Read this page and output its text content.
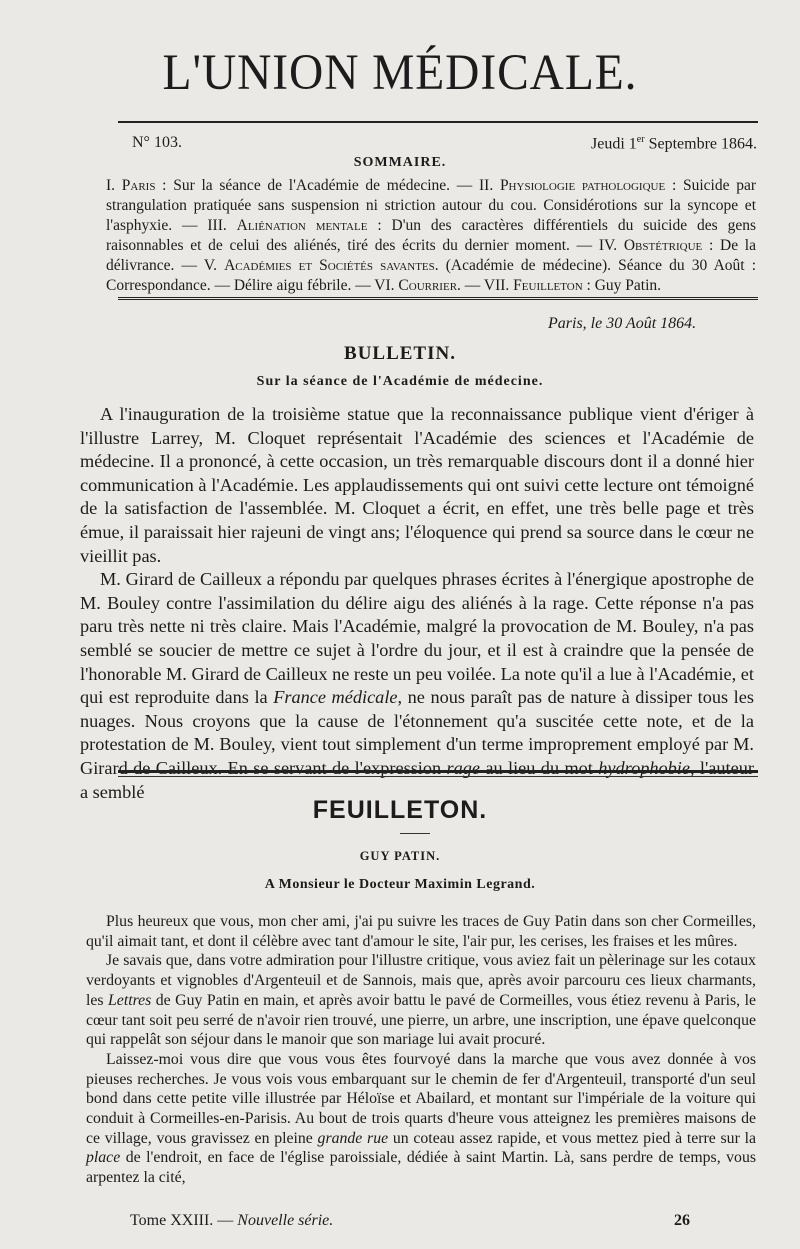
L'UNION MÉDICALE.
N° 103.	Jeudi 1er Septembre 1864.
SOMMAIRE.
I. Paris : Sur la séance de l'Académie de médecine. — II. Physiologie pathologique : Suicide par strangulation pratiquée sans suspension ni striction autour du cou. Considérotions sur la syncope et l'asphyxie. — III. Aliénation mentale : D'un des caractères différentiels du suicide des gens raisonnables et de celui des aliénés, tiré des écrits du dernier moment. — IV. Obstétrique : De la délivrance. — V. Académies et Sociétés savantes. (Académie de médecine). Séance du 30 Août : Correspondance. — Délire aigu fébrile. — VI. Courrier. — VII. Feuilleton : Guy Patin.
Paris, le 30 Août 1864.
BULLETIN.
Sur la séance de l'Académie de médecine.

A l'inauguration de la troisième statue que la reconnaissance publique vient d'ériger à l'illustre Larrey, M. Cloquet représentait l'Académie des sciences et l'Académie de médecine. Il a prononcé, à cette occasion, un très remarquable discours dont il a donné hier communication à l'Académie. Les applaudissements qui ont suivi cette lecture ont témoigné de la satisfaction de l'assemblée. M. Cloquet a écrit, en effet, une très belle page et très émue, il paraissait hier rajeuni de vingt ans; l'éloquence qui prend sa source dans le cœur ne vieillit pas.

M. Girard de Cailleux a répondu par quelques phrases écrites à l'énergique apostrophe de M. Bouley contre l'assimilation du délire aigu des aliénés à la rage. Cette réponse n'a pas paru très nette ni très claire. Mais l'Académie, malgré la provocation de M. Bouley, n'a pas semblé se soucier de mettre ce sujet à l'ordre du jour, et il est à craindre que la pensée de l'honorable M. Girard de Cailleux ne reste un peu voilée. La note qu'il a lue à l'Académie, et qui est reproduite dans la France médicale, ne nous paraît pas de nature à dissiper tous les nuages. Nous croyons que la cause de l'étonnement qu'a suscitée cette note, et de la protestation de M. Bouley, vient tout simplement d'un terme improprement employé par M. Girard de Cailleux. En se servant de l'expression rage au lieu du mot hydrophobie, l'auteur a semblé

FEUILLETON.
GUY PATIN.
A Monsieur le Docteur Maximin Legrand.

Plus heureux que vous, mon cher ami, j'ai pu suivre les traces de Guy Patin dans son cher Cormeilles, qu'il aimait tant, et dont il célèbre avec tant d'amour le site, l'air pur, les cerises, les fraises et les mûres.

Je savais que, dans votre admiration pour l'illustre critique, vous aviez fait un pèlerinage sur les cotaux verdoyants et vignobles d'Argenteuil et de Sannois, mais que, après avoir parcouru ces lieux charmants, les Lettres de Guy Patin en main, et après avoir battu le pavé de Cormeilles, vous étiez revenu à Paris, le cœur tant soit peu serré de n'avoir rien trouvé, une pierre, un arbre, une inscription, une épave quelconque qui rappelât son séjour dans le manoir que son mariage lui avait procuré.

Laissez-moi vous dire que vous vous êtes fourvoyé dans la marche que vous avez donnée à vos pieuses recherches. Je vous vois vous embarquant sur le chemin de fer d'Argenteuil, transporté d'un seul bond dans cette petite ville illustrée par Héloïse et Abailard, et montant sur l'impériale de la voiture qui conduit à Cormeilles-en-Parisis. Au bout de trois quarts d'heure vous atteignez les premières maisons de ce village, vous gravissez en pleine grande rue un coteau assez rapide, et vous mettez pied à terre sur la place de l'endroit, en face de l'église paroissiale, dédiée à saint Martin. Là, sans perdre de temps, vous arpentez la cité,

Tome XXIII. — Nouvelle série.	26
